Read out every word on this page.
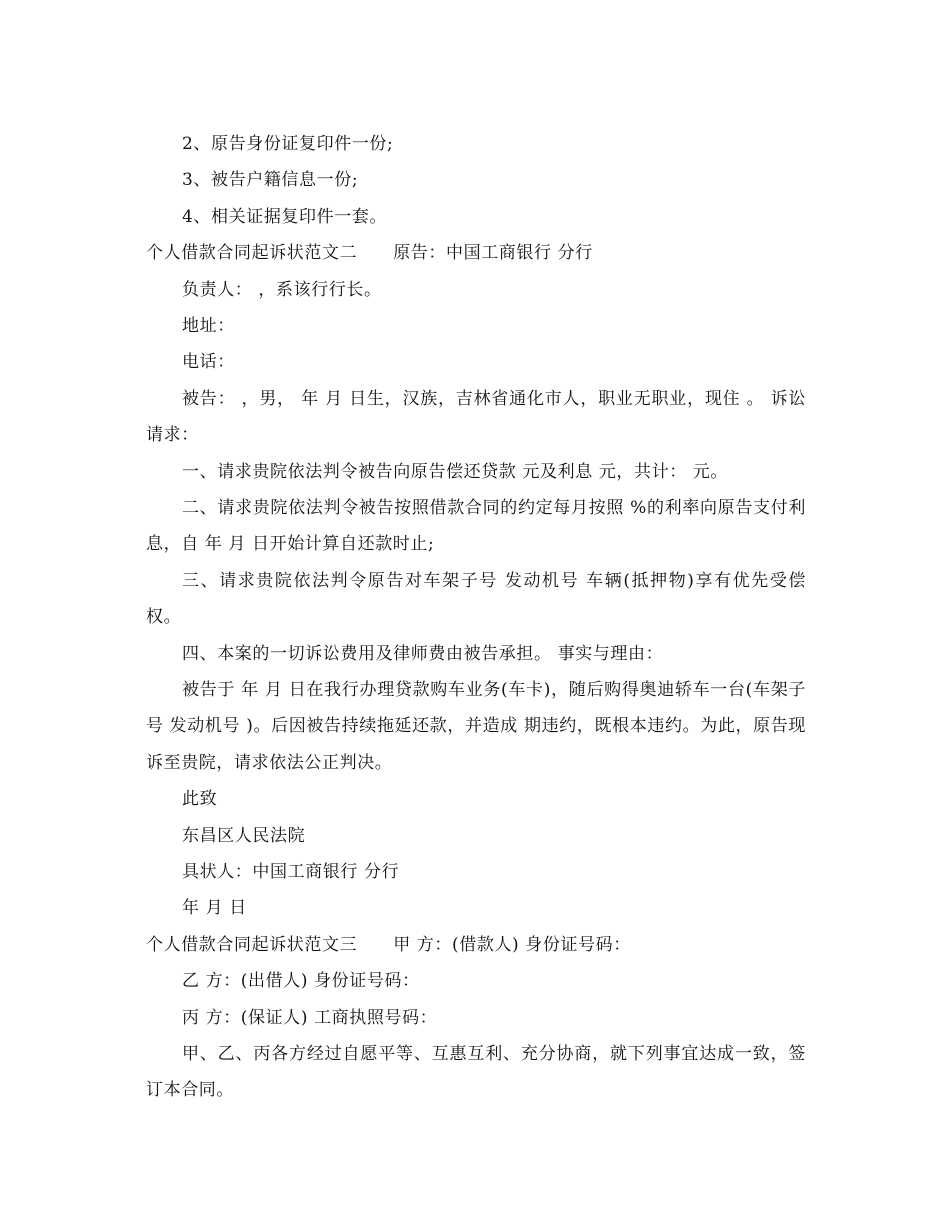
2、原告身份证复印件一份;
3、被告户籍信息一份;
4、相关证据复印件一套。
个人借款合同起诉状范文二 原告：中国工商银行 分行
负责人： ，系该行行长。
地址：
电话：
被告： ，男， 年 月 日生，汉族，吉林省通化市人，职业无职业，现住 。 诉讼请求：
一、请求贵院依法判令被告向原告偿还贷款 元及利息 元，共计： 元。
二、请求贵院依法判令被告按照借款合同的约定每月按照 %的利率向原告支付利息，自 年 月 日开始计算自还款时止;
三、请求贵院依法判令原告对车架子号 发动机号 车辆(抵押物)享有优先受偿权。
四、本案的一切诉讼费用及律师费由被告承担。 事实与理由：
被告于 年 月 日在我行办理贷款购车业务(车卡)，随后购得奥迪轿车一台(车架子号 发动机号 )。后因被告持续拖延还款，并造成 期违约，既根本违约。为此，原告现诉至贵院，请求依法公正判决。
此致
东昌区人民法院
具状人：中国工商银行 分行
年 月 日
个人借款合同起诉状范文三 甲 方：(借款人) 身份证号码：
乙 方：(出借人) 身份证号码：
丙 方：(保证人) 工商执照号码：
甲、乙、丙各方经过自愿平等、互惠互利、充分协商，就下列事宜达成一致，签订本合同。
